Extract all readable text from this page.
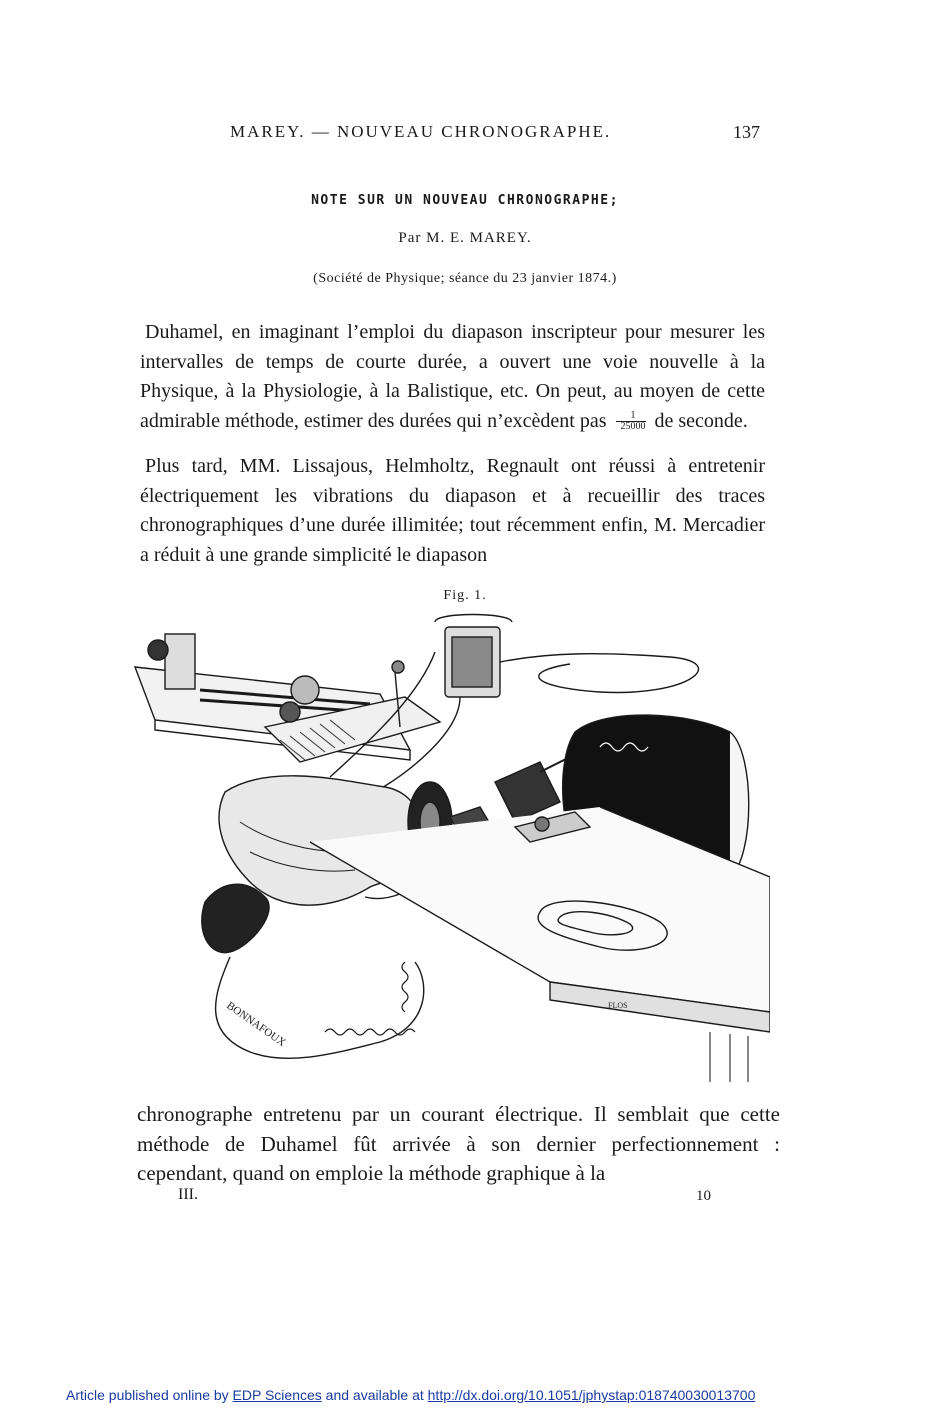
MAREY. — NOUVEAU CHRONOGRAPHE.	137
NOTE SUR UN NOUVEAU CHRONOGRAPHE;
Par M. E. MAREY.
(Société de Physique; séance du 23 janvier 1874.)

Duhamel, en imaginant l’emploi du diapason inscripteur pour mesurer les intervalles de temps de courte durée, a ouvert une voie nouvelle à la Physique, à la Physiologie, à la Balistique, etc. On peut, au moyen de cette admirable méthode, estimer des durées qui n’excèdent pas $\frac{1}{25000}$ de seconde.

Plus tard, MM. Lissajous, Helmholtz, Regnault ont réussi à entretenir électriquement les vibrations du diapason et à recueillir des traces chronographiques d’une durée illimitée; tout récemment enfin, M. Mercadier a réduit à une grande simplicité le diapason

Fig. 1.
BONNAFOUX	FLOS

chronographe entretenu par un courant électrique. Il semblait que cette méthode de Duhamel fût arrivée à son dernier perfectionnement : cependant, quand on emploie la méthode graphique à la

III.	10
Article published online by EDP Sciences and available at http://dx.doi.org/10.1051/jphystap:018740030013700
